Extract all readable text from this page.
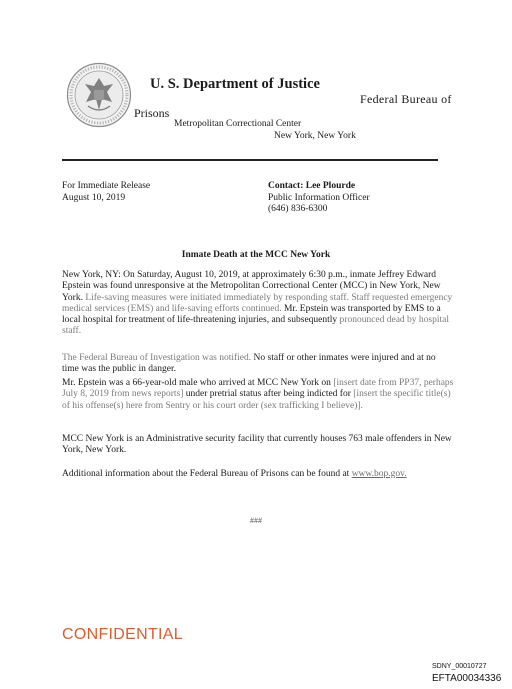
U. S. Department of Justice
Federal Bureau of
Prisons
Metropolitan Correctional Center
New York, New York
For Immediate Release
August 10, 2019
Contact: Lee Plourde
Public Information Officer
(646) 836-6300
Inmate Death at the MCC New York

New York, NY: On Saturday, August 10, 2019, at approximately 6:30 p.m., inmate Jeffrey Edward Epstein was found unresponsive at the Metropolitan Correctional Center (MCC) in New York, New York. Life-saving measures were initiated immediately by responding staff. Staff requested emergency medical services (EMS) and life-saving efforts continued. Mr. Epstein was transported by EMS to a local hospital for treatment of life-threatening injuries, and subsequently pronounced dead by hospital staff.

The Federal Bureau of Investigation was notified. No staff or other inmates were injured and at no time was the public in danger.

Mr. Epstein was a 66-year-old male who arrived at MCC New York on [insert date from PP37, perhaps July 8, 2019 from news reports] under pretrial status after being indicted for [insert the specific title(s) of his offense(s) here from Sentry or his court order (sex trafficking I believe)].

MCC New York is an Administrative security facility that currently houses 763 male offenders in New York, New York.

Additional information about the Federal Bureau of Prisons can be found at www.bop.gov.

###
CONFIDENTIAL
SDNY_00010727
EFTA00034336
